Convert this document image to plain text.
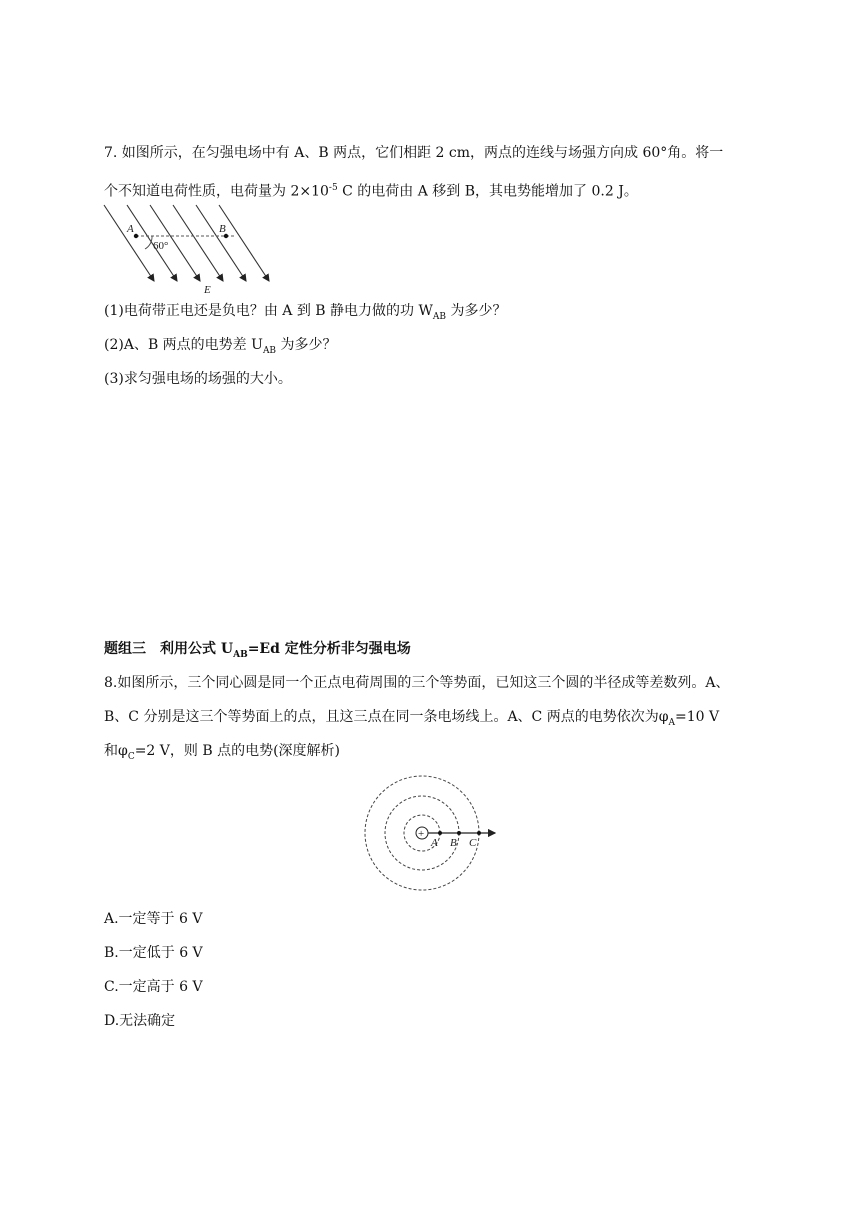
7. 如图所示，在匀强电场中有 A、B 两点，它们相距 2 cm，两点的连线与场强方向成 60°角。将一
个不知道电荷性质，电荷量为 $2\times 10^{-5}$ C 的电荷由 A 移到 B，其电势能增加了 0.2 J。
A	B
60°
E
(1)电荷带正电还是负电？由 A 到 B 静电力做的功 $W_{AB}$ 为多少？
(2)A、B 两点的电势差 $U_{AB}$ 为多少？
(3)求匀强电场的场强的大小。
题组三　利用公式 $U_{AB}=Ed$ 定性分析非匀强电场
8.如图所示，三个同心圆是同一个正点电荷周围的三个等势面，已知这三个圆的半径成等差数列。A、
B、C 分别是这三个等势面上的点，且这三点在同一条电场线上。A、C 两点的电势依次为$\varphi_A=10$ V
和$\varphi_C=2$ V，则 B 点的电势(深度解析)
+
A B C
A.一定等于 6 V
B.一定低于 6 V
C.一定高于 6 V
D.无法确定
